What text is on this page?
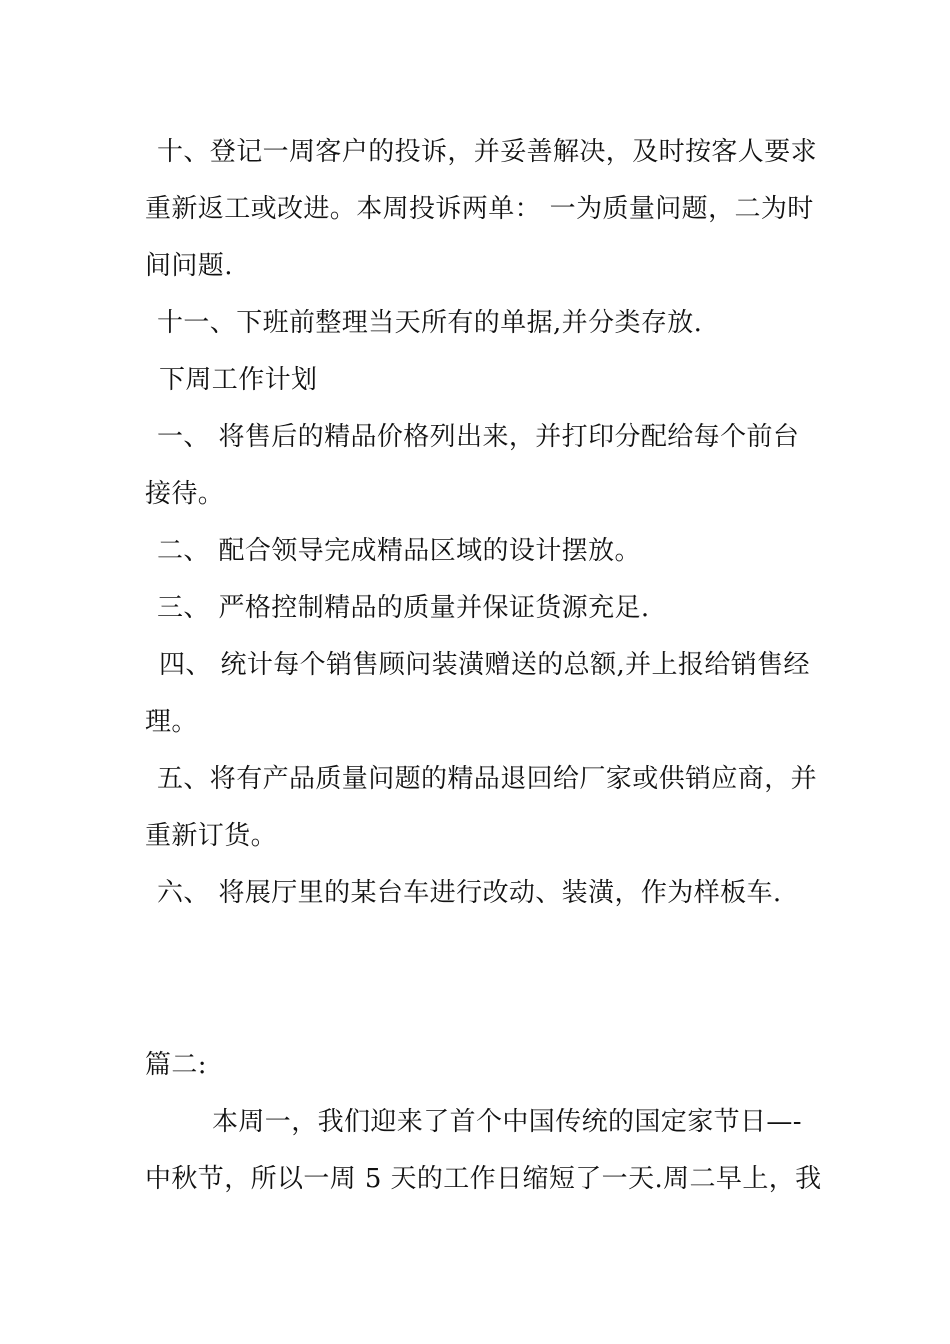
十、登记一周客户的投诉，并妥善解决，及时按客人要求
重新返工或改进。本周投诉两单： 一为质量问题，二为时
间问题.
十一、下班前整理当天所有的单据,并分类存放.
下周工作计划
一、 将售后的精品价格列出来，并打印分配给每个前台
接待。
二、 配合领导完成精品区域的设计摆放。
三、 严格控制精品的质量并保证货源充足.
四、 统计每个销售顾问装潢赠送的总额,并上报给销售经
理。
五、将有产品质量问题的精品退回给厂家或供销应商，并
重新订货。
六、 将展厅里的某台车进行改动、装潢，作为样板车.
篇二:
本周一，我们迎来了首个中国传统的国定家节日—-
中秋节，所以一周 5 天的工作日缩短了一天.周二早上，我
